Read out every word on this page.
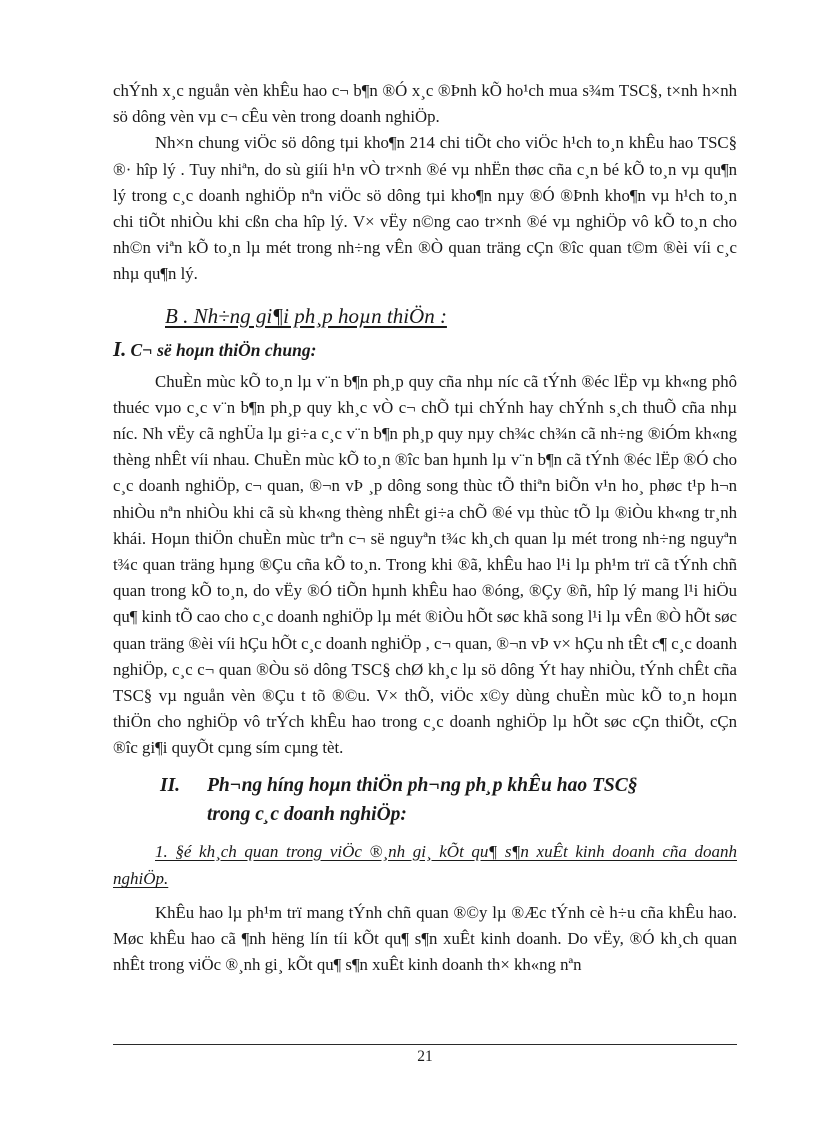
chÝnh x¸c nguån vèn khÊu hao c¬ b¶n ®Ó x¸c ®Þnh kÕ ho¹ch mua s¾m TSC§, t×nh h×nh sö dông vèn vµ c¬ cÊu vèn trong doanh nghiÖp.

Nh×n chung viÖc sö dông tµi kho¶n 214 chi tiÕt cho viÖc h¹ch to¸n khÊu hao TSC§ ®· hîp lý . Tuy nhiªn, do sù giíi h¹n vÒ tr×nh ®é vµ nhËn thøc cña c¸n bé kÕ to¸n vµ qu¶n lý trong c¸c doanh nghiÖp nªn viÖc sö dông tµi kho¶n nµy ®Ó ®Þnh kho¶n vµ h¹ch to¸n chi tiÕt nhiÒu khi cßn cha hîp lý. V× vËy n©ng cao tr×nh ®é vµ nghiÖp vô kÕ to¸n cho nh©n viªn kÕ to¸n lµ mét trong nh÷ng vÊn ®Ò quan träng cÇn ®îc quan t©m ®èi víi c¸c nhµ qu¶n lý.

B . Nh÷ng gi¶i ph¸p hoµn thiÖn :
I. C¬ së hoµn thiÖn chung:

ChuÈn mùc kÕ to¸n lµ v¨n b¶n ph¸p quy cña nhµ níc cã tÝnh ®éc lËp vµ kh«ng phô thuéc vµo c¸c v¨n b¶n ph¸p quy kh¸c vÒ c¬ chÕ tµi chÝnh hay chÝnh s¸ch thuÕ cña nhµ níc. Nh vËy cã nghÜa lµ gi÷a c¸c v¨n b¶n ph¸p quy nµy ch¾c ch¾n cã nh÷ng ®iÓm kh«ng thèng nhÊt víi nhau. ChuÈn mùc kÕ to¸n ®îc ban hµnh lµ v¨n b¶n cã tÝnh ®éc lËp ®Ó cho c¸c doanh nghiÖp, c¬ quan, ®¬n vÞ ¸p dông song thùc tÕ thiªn biÕn v¹n ho¸ phøc t¹p h¬n nhiÒu nªn nhiÒu khi cã sù kh«ng thèng nhÊt gi÷a chÕ ®é vµ thùc tÕ lµ ®iÒu kh«ng tr¸nh khái. Hoµn thiÖn chuÈn mùc trªn c¬ së nguyªn t¾c kh¸ch quan lµ mét trong nh÷ng nguyªn t¾c quan träng hµng ®Çu cña kÕ to¸n. Trong khi ®ã, khÊu hao l¹i lµ ph¹m trï cã tÝnh chñ quan trong kÕ to¸n, do vËy ®Ó tiÕn hµnh khÊu hao ®óng, ®Çy ®ñ, hîp lý mang l¹i hiÖu qu¶ kinh tÕ cao cho c¸c doanh nghiÖp lµ mét ®iÒu hÕt søc khã song l¹i lµ vÊn ®Ò hÕt søc quan träng ®èi víi hÇu hÕt c¸c doanh nghiÖp , c¬ quan, ®¬n vÞ v× hÇu nh tÊt c¶ c¸c doanh nghiÖp, c¸c c¬ quan ®Òu sö dông TSC§ chØ kh¸c lµ sö dông Ýt hay nhiÒu, tÝnh chÊt cña TSC§ vµ nguån vèn ®Çu t tõ ®©u. V× thÕ, viÖc x©y dùng chuÈn mùc kÕ to¸n hoµn thiÖn cho nghiÖp vô trÝch khÊu hao trong c¸c doanh nghiÖp lµ hÕt søc cÇn thiÕt, cÇn ®îc gi¶i quyÕt cµng sím cµng tèt.

II.	Ph¬ng híng hoµn thiÖn ph¬ng ph¸p khÊu hao TSC§ trong c¸c doanh nghiÖp:

1. §é kh¸ch quan trong viÖc ®¸nh gi¸ kÕt qu¶ s¶n xuÊt kinh doanh cña doanh nghiÖp.

KhÊu hao lµ ph¹m trï mang tÝnh chñ quan ®©y lµ ®Æc tÝnh cè h÷u cña khÊu hao. Møc khÊu hao cã ¶nh hëng lín tíi kÕt qu¶ s¶n xuÊt kinh doanh. Do vËy, ®Ó kh¸ch quan nhÊt trong viÖc ®¸nh gi¸ kÕt qu¶ s¶n xuÊt kinh doanh th× kh«ng nªn

21
